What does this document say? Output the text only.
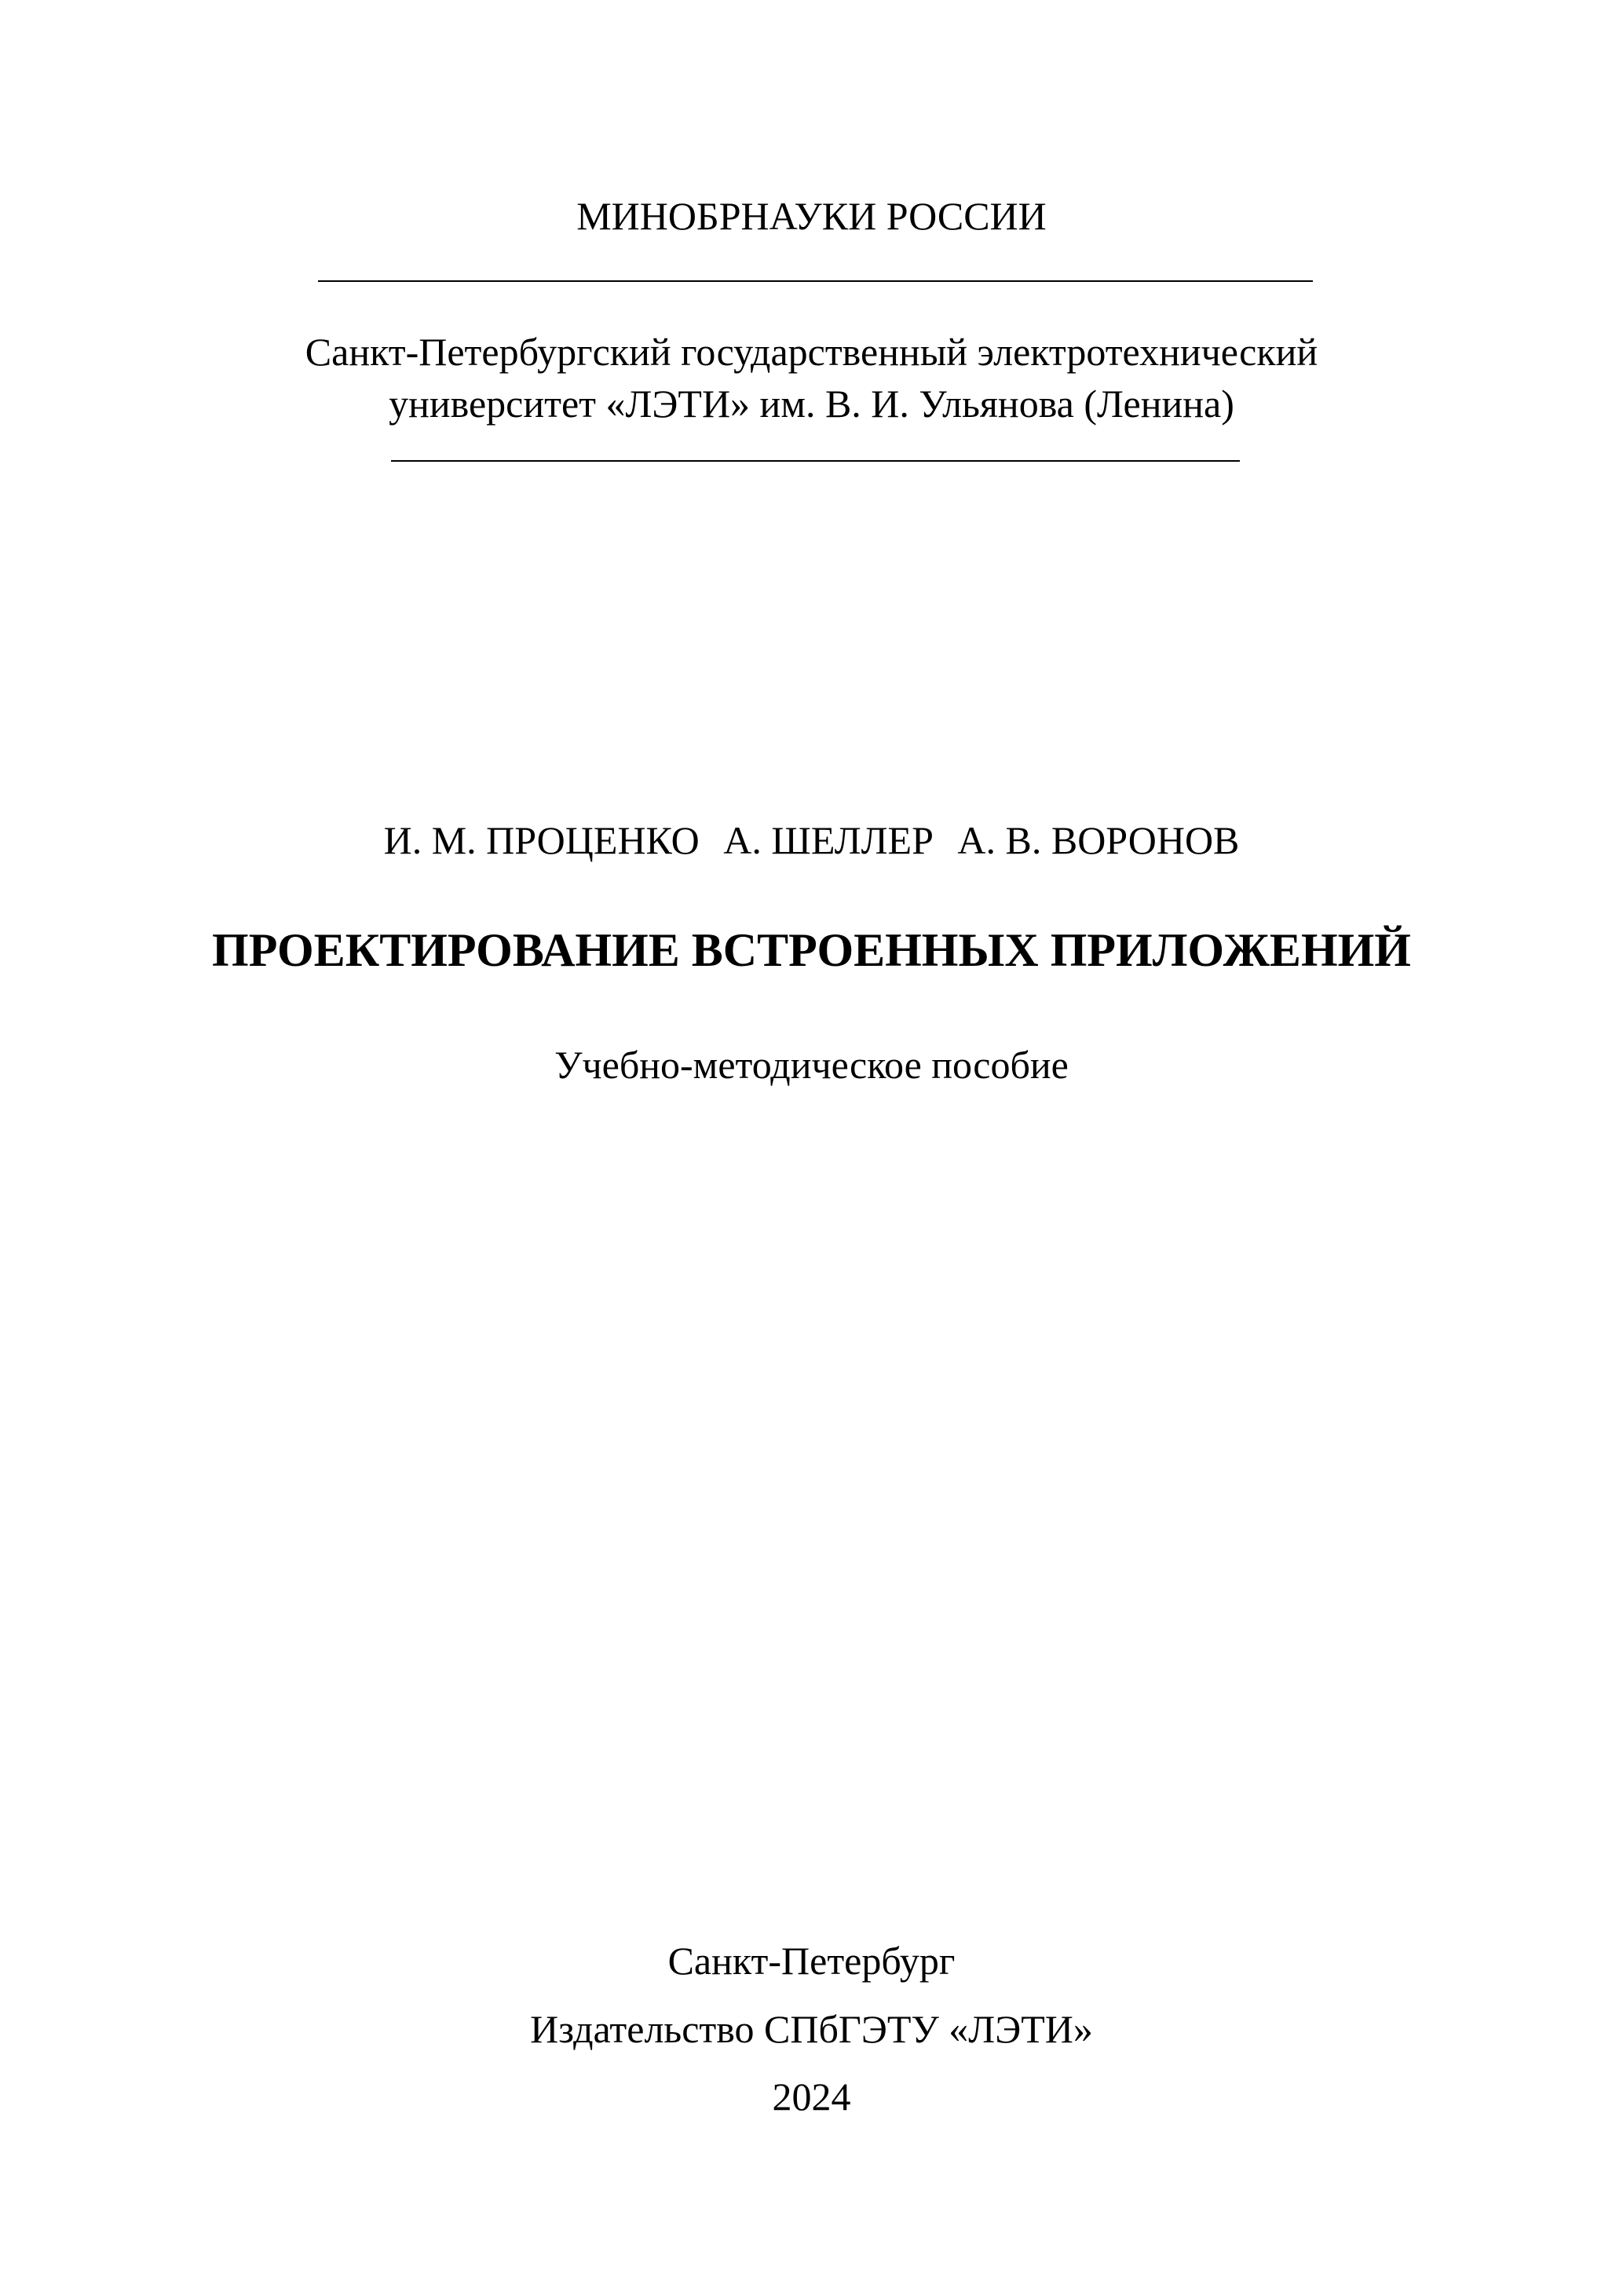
МИНОБРНАУКИ РОССИИ
Санкт-Петербургский государственный электротехнический
университет «ЛЭТИ» им. В. И. Ульянова (Ленина)
И. М. ПРОЦЕНКО А. ШЕЛЛЕР А. В. ВОРОНОВ
ПРОЕКТИРОВАНИЕ ВСТРОЕННЫХ ПРИЛОЖЕНИЙ
Учебно-методическое пособие
Санкт-Петербург
Издательство СПбГЭТУ «ЛЭТИ»
2024
